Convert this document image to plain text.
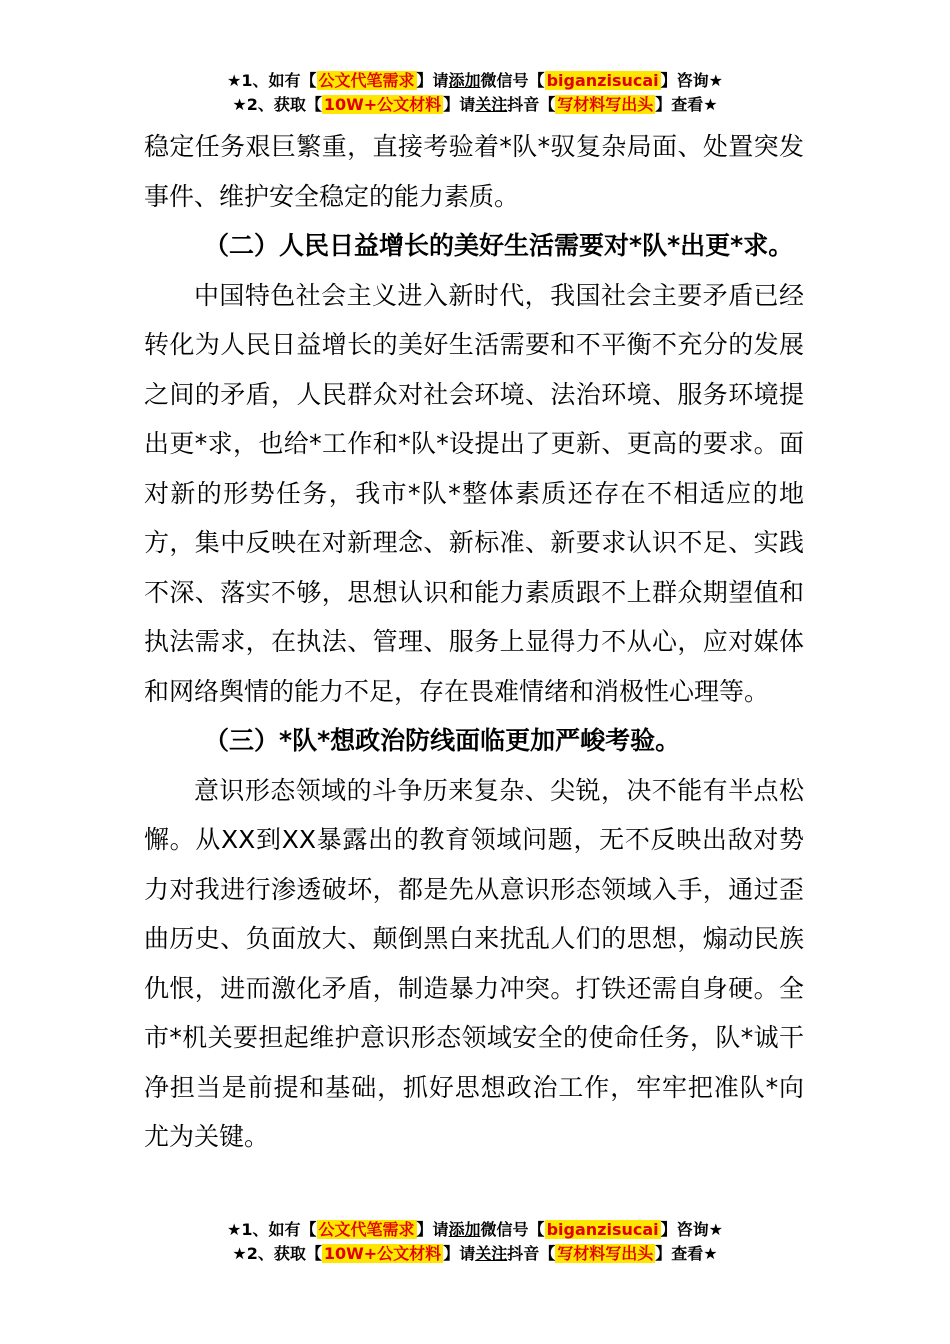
★1、如有【 公文代笔需求 】请添加微信号【 biganzisucai 】咨询★
★2、获取【 10W+公文材料 】请关注抖音【 写材料写出头 】查看★

稳定任务艰巨繁重，直接考验着*队*驭复杂局面、处置突发事件、维护安全稳定的能力素质。

（二）人民日益增长的美好生活需要对*队*出更*求。

中国特色社会主义进入新时代，我国社会主要矛盾已经转化为人民日益增长的美好生活需要和不平衡不充分的发展之间的矛盾，人民群众对社会环境、法治环境、服务环境提出更*求，也给*工作和*队*设提出了更新、更高的要求。面对新的形势任务，我市*队*整体素质还存在不相适应的地方，集中反映在对新理念、新标准、新要求认识不足、实践不深、落实不够，思想认识和能力素质跟不上群众期望值和执法需求，在执法、管理、服务上显得力不从心，应对媒体和网络舆情的能力不足，存在畏难情绪和消极性心理等。

（三）*队*想政治防线面临更加严峻考验。

意识形态领域的斗争历来复杂、尖锐，决不能有半点松懈。从XX到XX暴露出的教育领域问题，无不反映出敌对势力对我进行渗透破坏，都是先从意识形态领域入手，通过歪曲历史、负面放大、颠倒黑白来扰乱人们的思想，煽动民族仇恨，进而激化矛盾，制造暴力冲突。打铁还需自身硬。全市*机关要担起维护意识形态领域安全的使命任务，队*诚干净担当是前提和基础，抓好思想政治工作，牢牢把准队*向尤为关键。

★1、如有【 公文代笔需求 】请添加微信号【 biganzisucai 】咨询★
★2、获取【 10W+公文材料 】请关注抖音【 写材料写出头 】查看★
